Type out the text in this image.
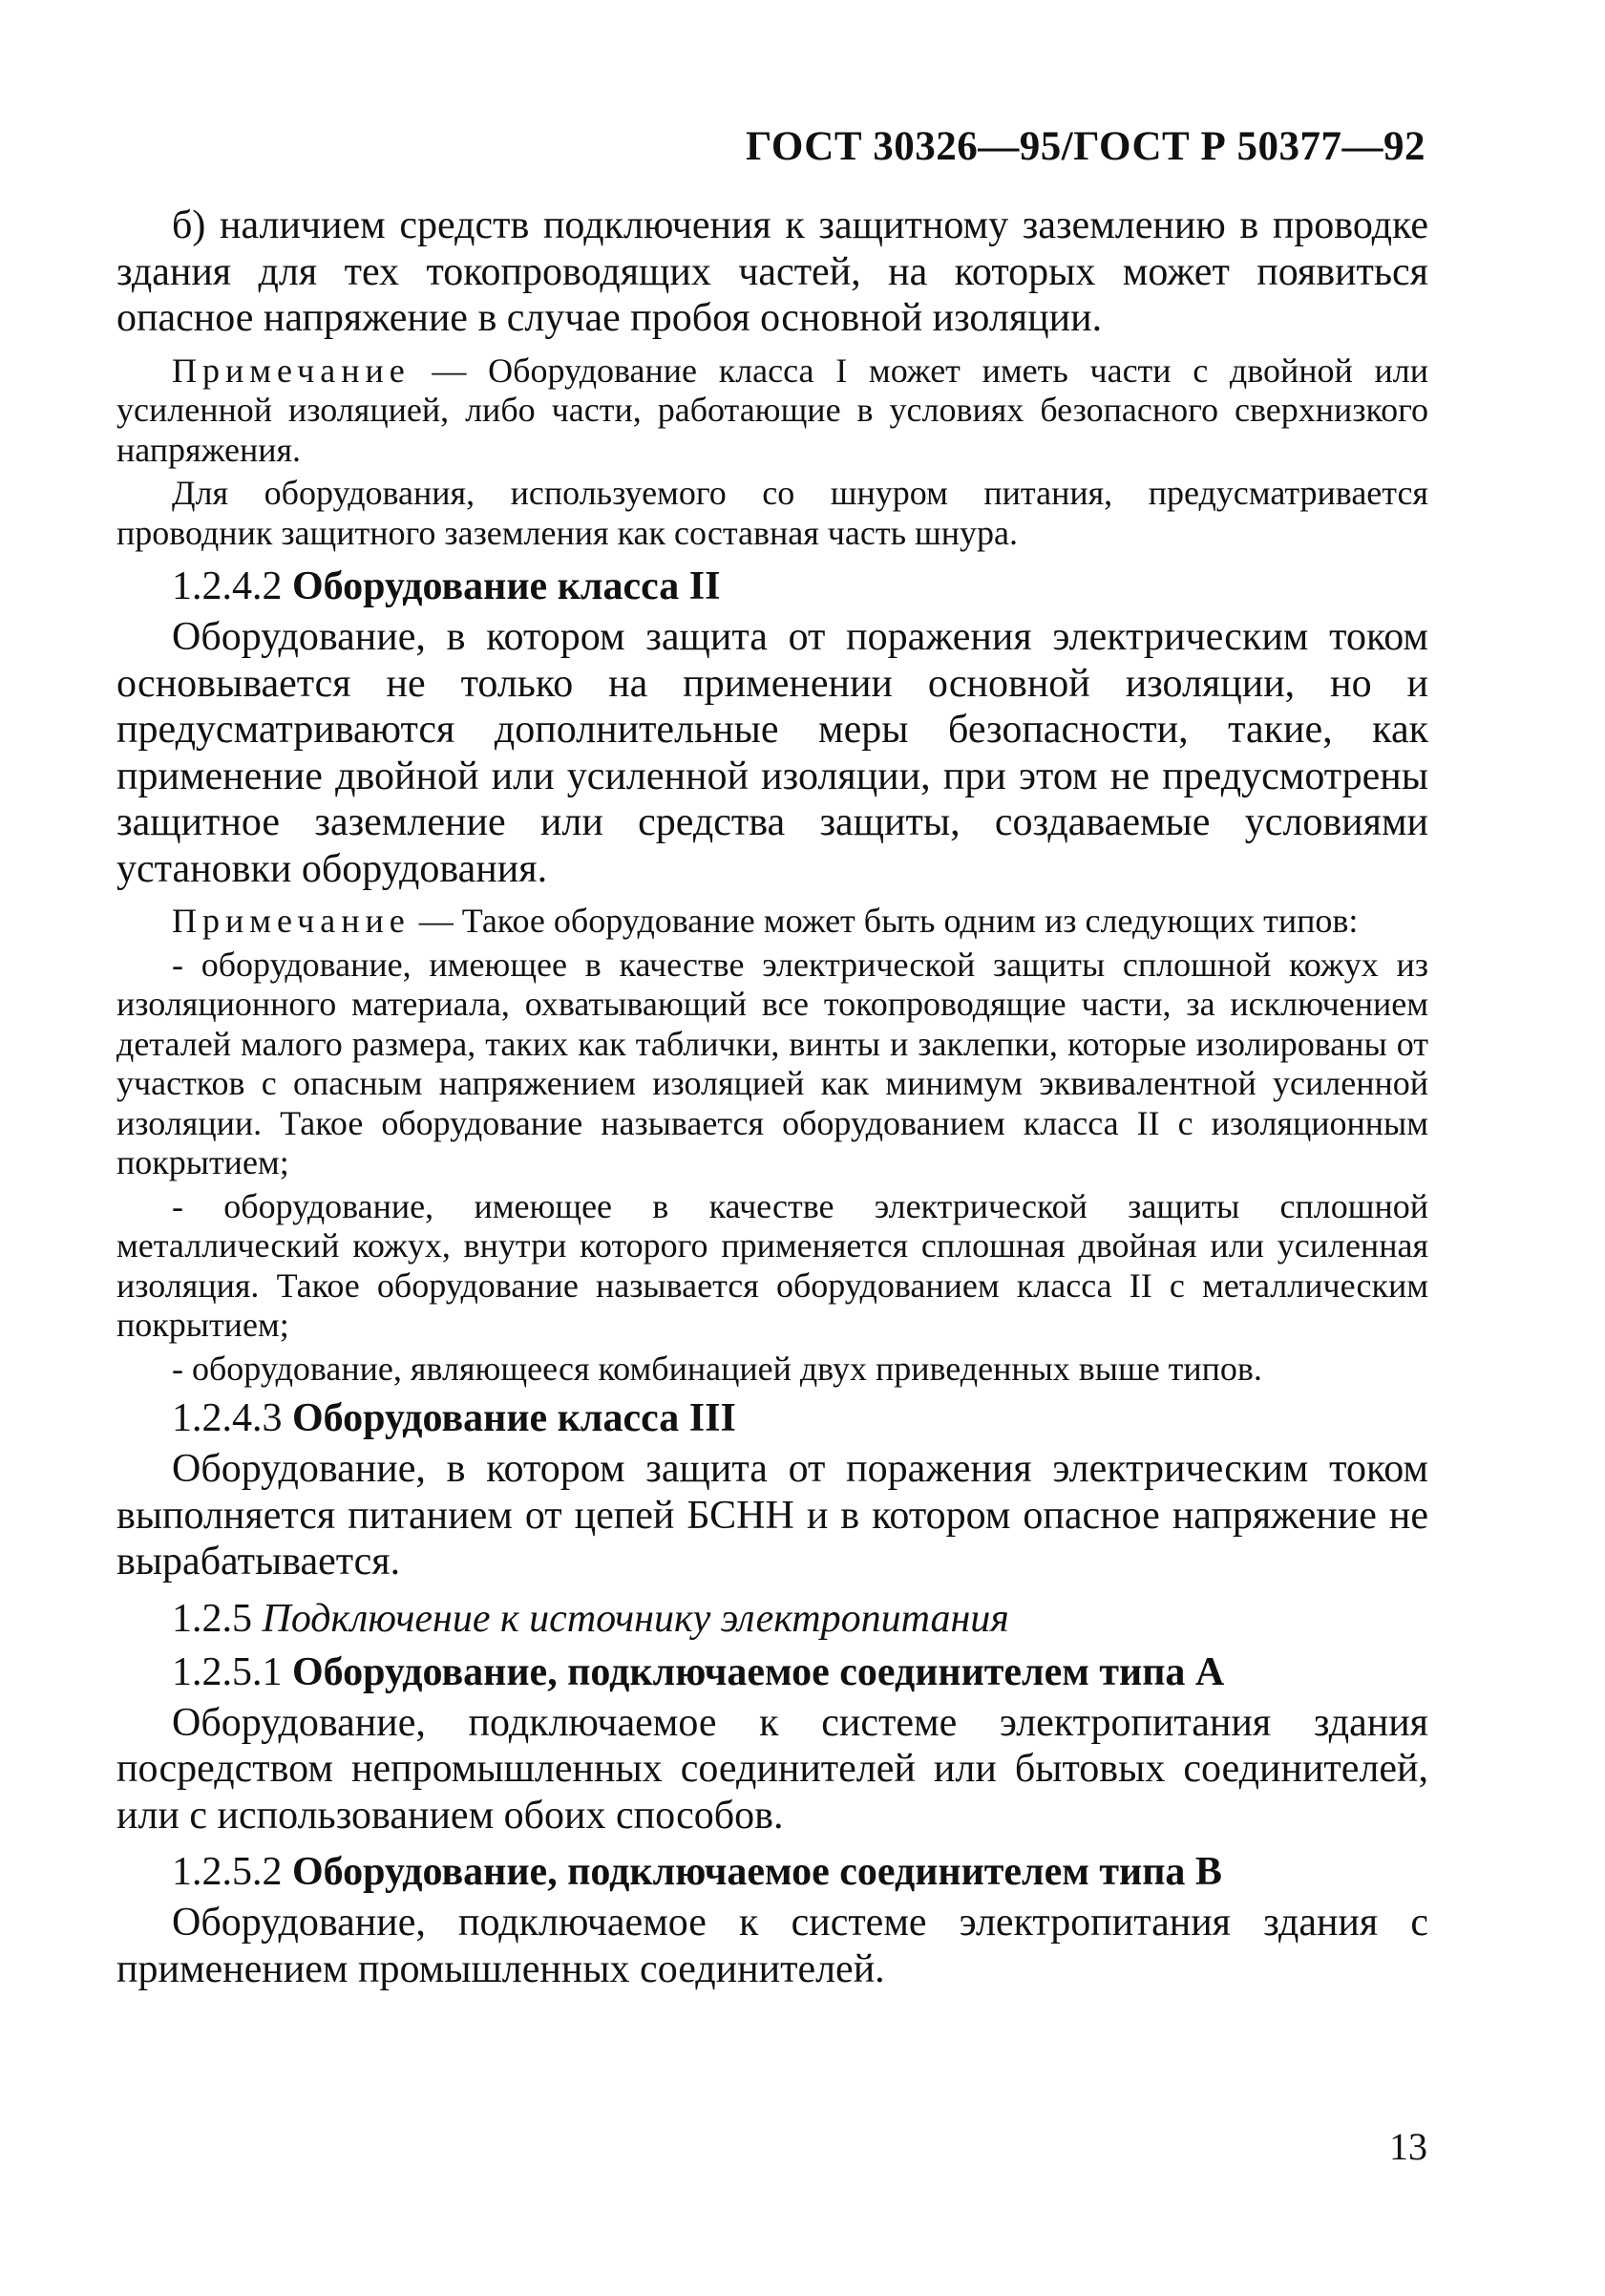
ГОСТ 30326—95/ГОСТ Р 50377—92

б) наличием средств подключения к защитному заземлению в проводке здания для тех токопроводящих частей, на которых может появиться опасное напряжение в случае пробоя основной изоляции.

Примечание — Оборудование класса I может иметь части с двойной или усиленной изоляцией, либо части, работающие в условиях безопасного сверхнизкого напряжения.

Для оборудования, используемого со шнуром питания, предусматривается проводник защитного заземления как составная часть шнура.

1.2.4.2 Оборудование класса II

Оборудование, в котором защита от поражения электрическим током основывается не только на применении основной изоляции, но и предусматриваются дополнительные меры безопасности, такие, как применение двойной или усиленной изоляции, при этом не предусмотрены защитное заземление или средства защиты, создаваемые условиями установки оборудования.

Примечание — Такое оборудование может быть одним из следующих типов:

- оборудование, имеющее в качестве электрической защиты сплошной кожух из изоляционного материала, охватывающий все токопроводящие части, за исключением деталей малого размера, таких как таблички, винты и заклепки, которые изолированы от участков с опасным напряжением изоляцией как минимум эквивалентной усиленной изоляции. Такое оборудование называется оборудованием класса II с изоляционным покрытием;

- оборудование, имеющее в качестве электрической защиты сплошной металлический кожух, внутри которого применяется сплошная двойная или усиленная изоляция. Такое оборудование называется оборудованием класса II с металлическим покрытием;

- оборудование, являющееся комбинацией двух приведенных выше типов.

1.2.4.3 Оборудование класса III

Оборудование, в котором защита от поражения электрическим током выполняется питанием от цепей БСНН и в котором опасное напряжение не вырабатывается.

1.2.5 Подключение к источнику электропитания
1.2.5.1 Оборудование, подключаемое соединителем типа А

Оборудование, подключаемое к системе электропитания здания посредством непромышленных соединителей или бытовых соединителей, или с использованием обоих способов.

1.2.5.2 Оборудование, подключаемое соединителем типа В

Оборудование, подключаемое к системе электропитания здания с применением промышленных соединителей.

13
